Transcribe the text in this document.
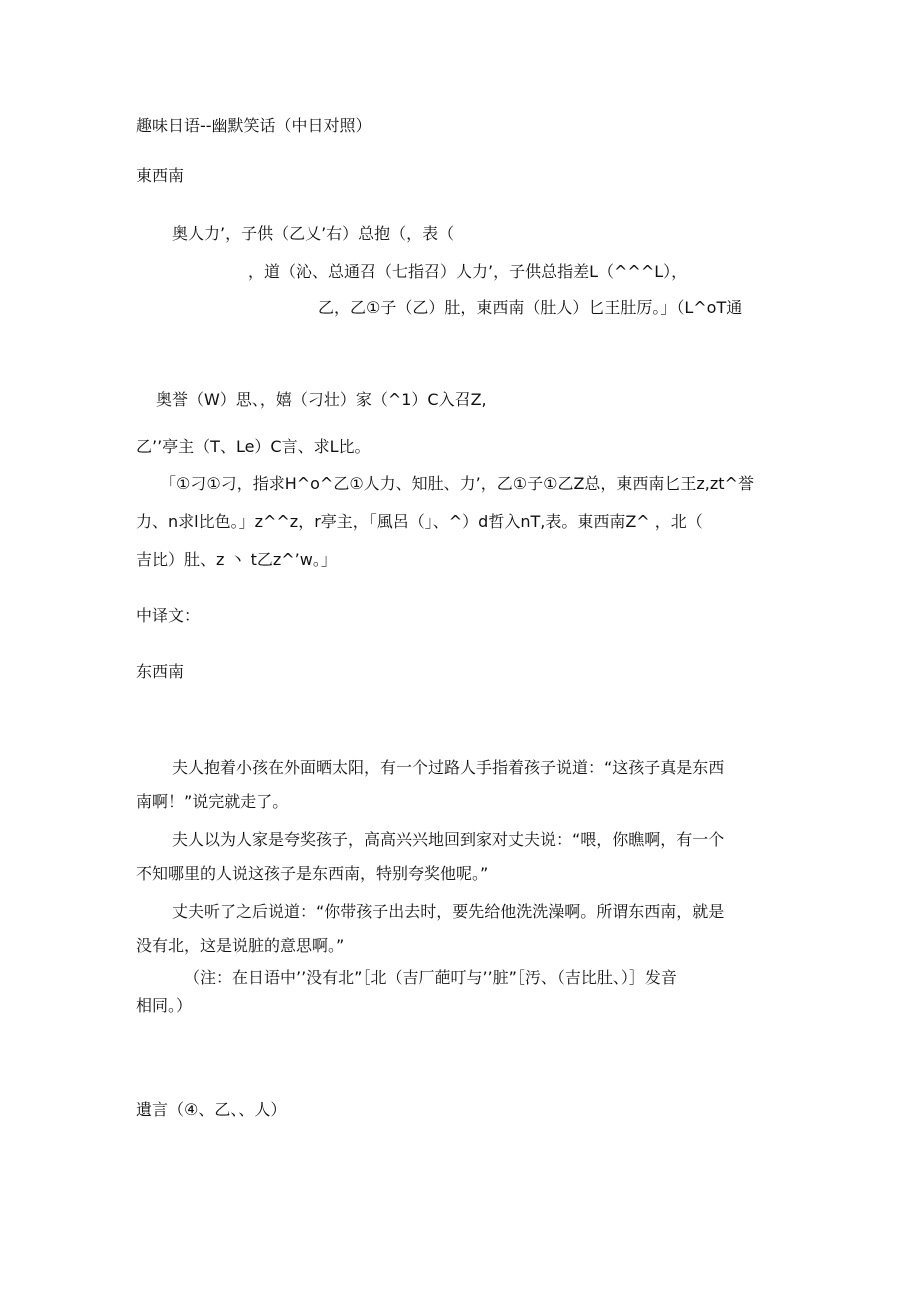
趣味日语--幽默笑话（中日对照）
東西南
奥人力’，子供（乙乂’右）总抱（，表（
，道（沁、总通召（七指召）人力’，子供总指差L（^^^L），
乙，乙①子（乙）肚，東西南（肚人）匕王肚厉。」（L^oT通
奥誉（W）思、，嬉（刁壮）家（^1）C入召Z,
乙’’亭主（T、Le）C言、求L比。
「①刁①刁，指求H^o^乙①人力、知肚、力’，乙①子①乙Z总，東西南匕王z,zt^誉
力、n求l比色。」z^^z，r亭主，「風呂（」、^）d哲入nT,表。東西南Z^ ，北（
吉比）肚、z 丶 t乙z^’w。」
中译文：
东西南
夫人抱着小孩在外面晒太阳，有一个过路人手指着孩子说道：“这孩子真是东西
南啊！”说完就走了。
夫人以为人家是夸奖孩子，高高兴兴地回到家对丈夫说：“喂，你瞧啊，有一个
不知哪里的人说这孩子是东西南，特别夸奖他呢。”
丈夫听了之后说道：“你带孩子出去时，要先给他洗洗澡啊。所谓东西南，就是
没有北，这是说脏的意思啊。”
（注：在日语中’’没有北”［北（吉厂葩叮与’’脏”［汚、（吉比肚、）］发音
相同。）
遺言（④、乙、、人）
